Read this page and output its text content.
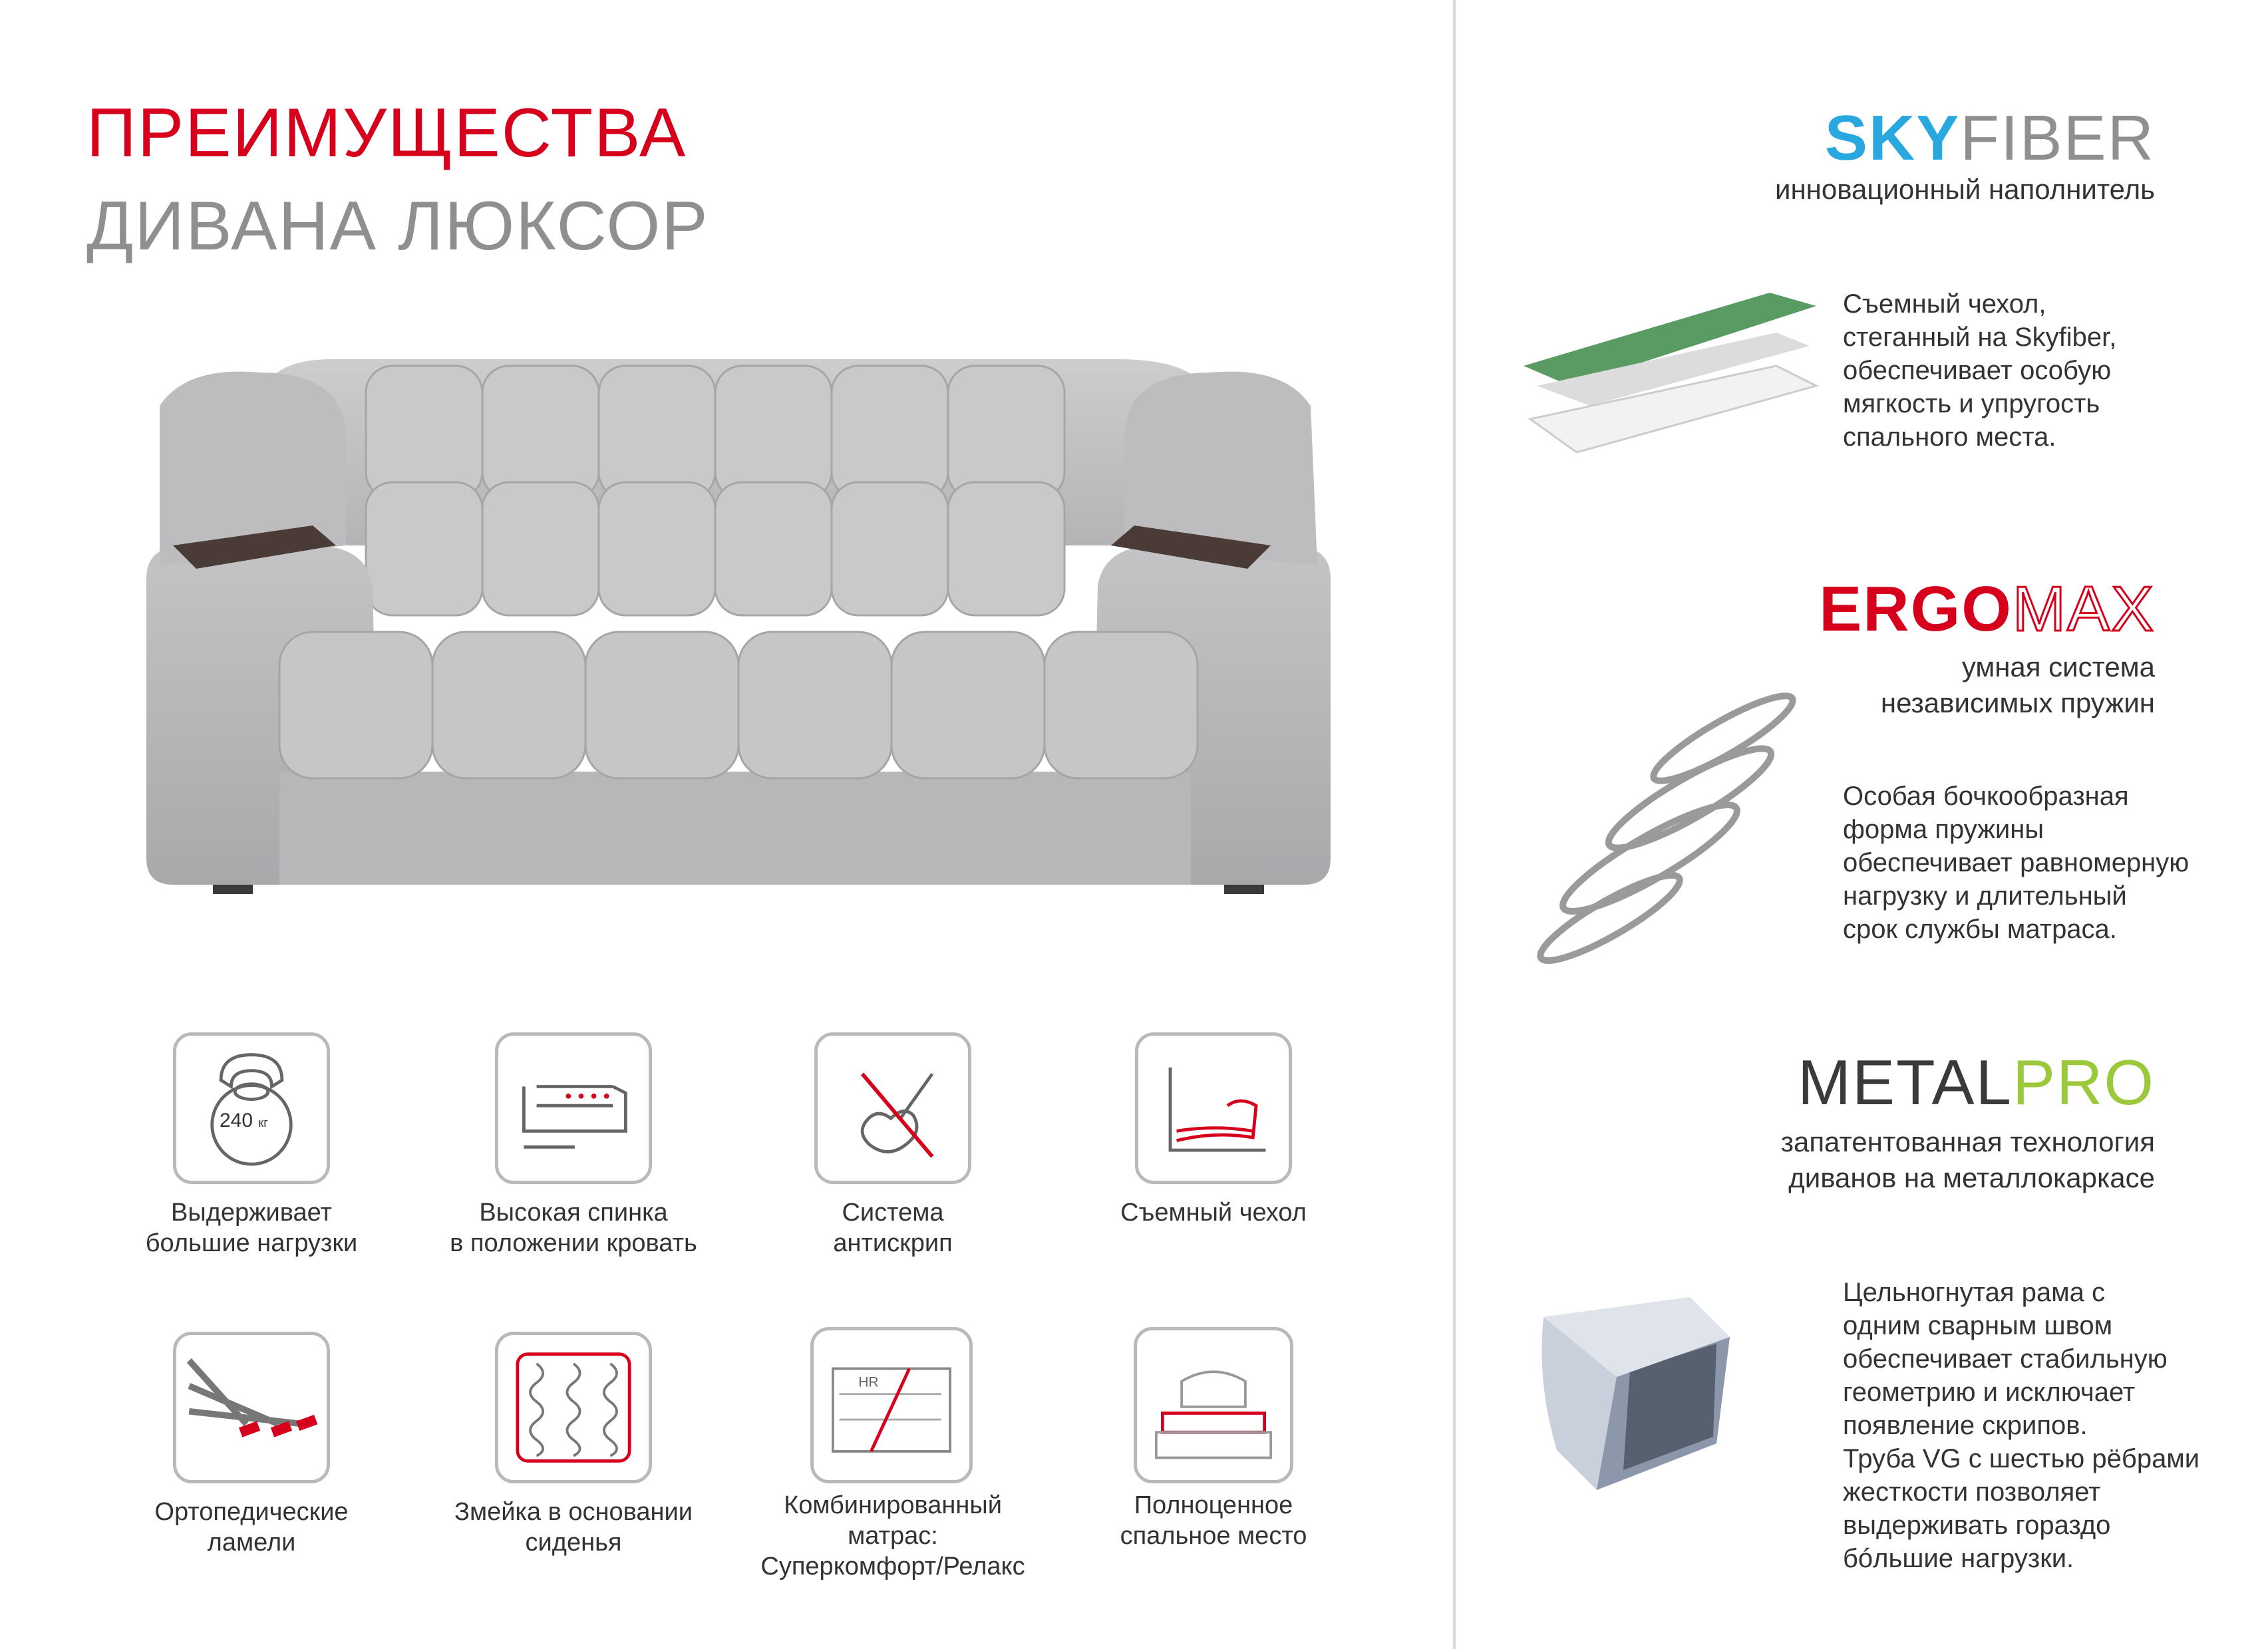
ПРЕИМУЩЕСТВА
ДИВАНА ЛЮКСОР
240 кг
Выдерживает
большие нагрузки
Высокая спинка
в положении кровать
Система
антискрип
Съемный чехол
HR
Ортопедические
ламели
Змейка в основании
сиденья
Комбинированный матрас:
Суперкомфорт/Релакс
Полноценное
спальное место
SKYFIBER
инновационный наполнитель
Съемный чехол,
стеганный на Skyfiber,
обеспечивает особую
мягкость и упругость
спального места.
ERGOMAX
умная система
независимых пружин
Особая бочкообразная
форма пружины
обеспечивает равномерную
нагрузку и длительный
срок службы матраса.
METALPRO
запатентованная технология
диванов на металлокаркасе
Цельногнутая рама с
одним сварным швом
обеспечивает стабильную
геометрию и исключает
появление скрипов.
Труба VG с шестью рёбрами
жесткости позволяет
выдерживать гораздо
бóльшие нагрузки.
